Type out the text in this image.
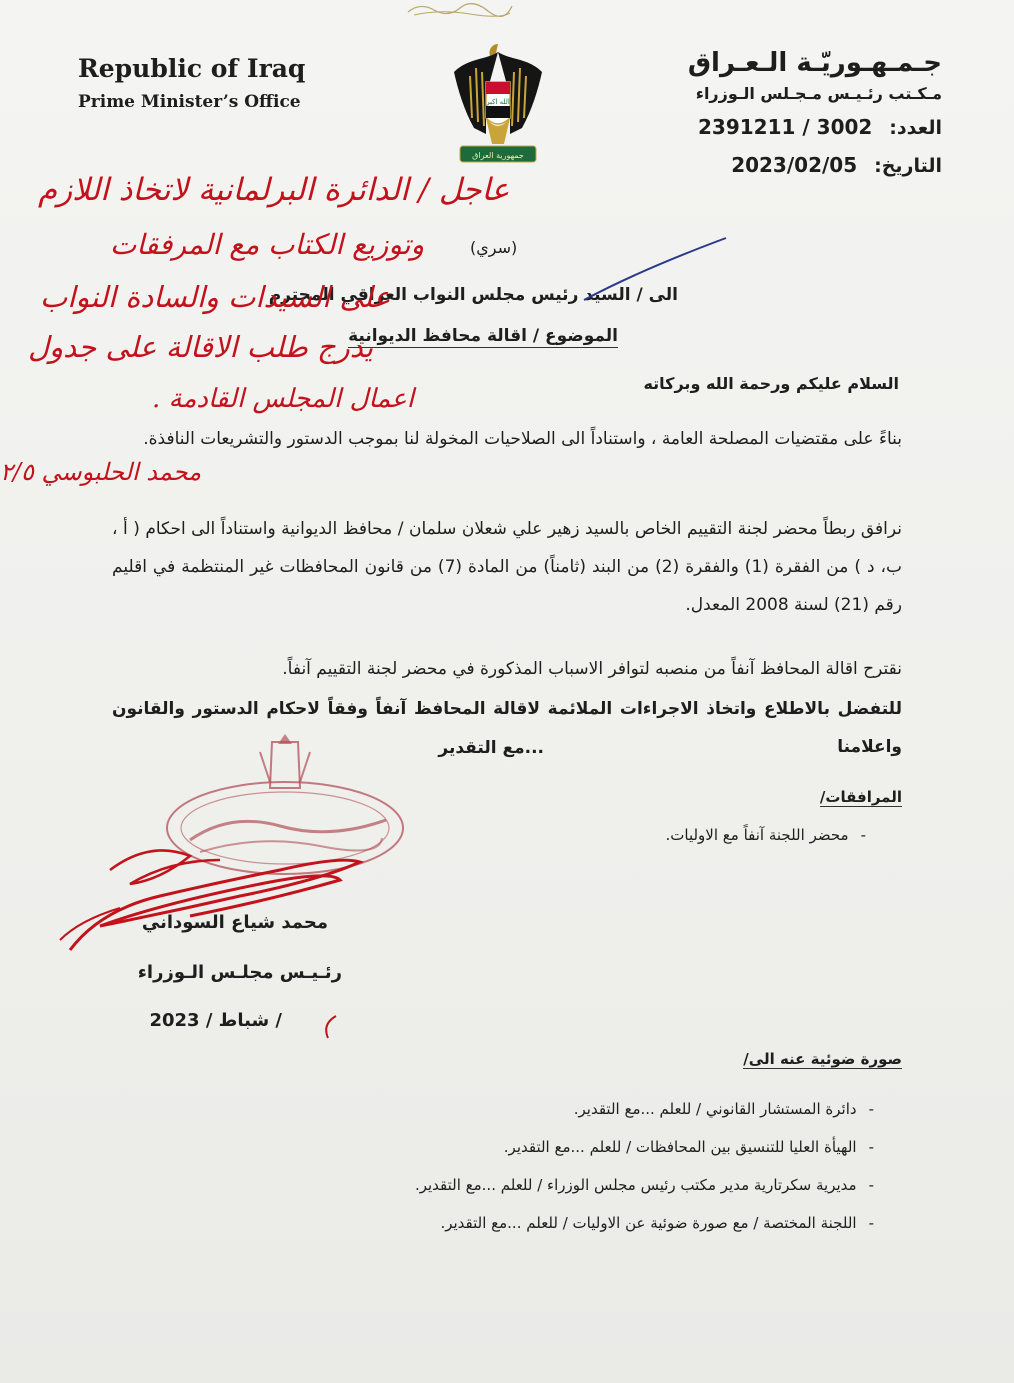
Republic of Iraq
Prime Minister’s Office	الله اكبر
جمهورية العراق
جـمـهـوريّـة الـعـراق
مـكـتب رئـيـس مـجـلس الـوزراء
العدد: 2391211 / 3002
التاريخ: 2023/02/05
(سري)
الى / السيد رئيس مجلس النواب العراقي المحترم
الموضوع / اقالة محافظ الديوانية
السلام عليكم ورحمة الله وبركاته
بناءً على مقتضيات المصلحة العامة ، واستناداً الى الصلاحيات المخولة لنا بموجب الدستور والتشريعات النافذة.
نرافق ربطاً محضر لجنة التقييم الخاص بالسيد زهير علي شعلان سلمان / محافظ الديوانية واستناداً الى احكام ( أ ، ب، د ) من الفقرة (1) والفقرة (2) من البند (ثامناً) من المادة (7) من قانون المحافظات غير المنتظمة في اقليم رقم (21) لسنة 2008 المعدل.
نقترح اقالة المحافظ آنفاً من منصبه لتوافر الاسباب المذكورة في محضر لجنة التقييم آنفاً.
للتفضل بالاطلاع واتخاذ الاجراءات الملائمة لاقالة المحافظ آنفاً وفقاً لاحكام الدستور والقانون واعلامنا
...مع التقدير
المرافقات/
-محضر اللجنة آنفاً مع الاوليات.
محمد شياع السوداني
رئـيـس مجلـس الـوزراء
/ شباط / 2023
صورة ضوئية عنه الى/
-دائرة المستشار القانوني / للعلم ...مع التقدير.
-الهيأة العليا للتنسيق بين المحافظات / للعلم ...مع التقدير.
-مديرية سكرتارية مدير مكتب رئيس مجلس الوزراء / للعلم ...مع التقدير.
-اللجنة المختصة / مع صورة ضوئية عن الاوليات / للعلم ...مع التقدير.
عاجل / الدائرة البرلمانية لاتخاذ اللازم
وتوزيع الكتاب مع المرفقات
على السيدات والسادة النواب
يدرج طلب الاقالة على جدول
اعمال المجلس القادمة .
محمد الحلبوسي ٢/٥
